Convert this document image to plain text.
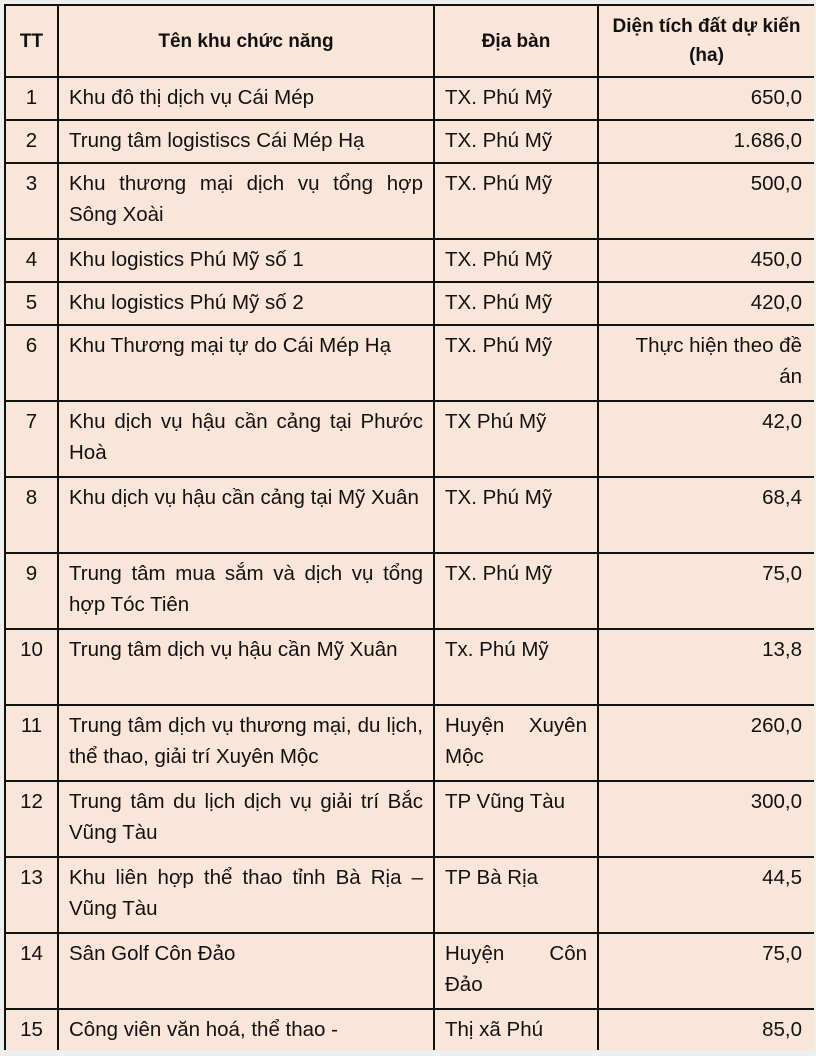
TT	Tên khu chức năng	Địa bàn	Diện tích đất dự kiến (ha)
1	Khu đô thị dịch vụ Cái Mép	TX. Phú Mỹ	650,0
2	Trung tâm logistiscs Cái Mép Hạ	TX. Phú Mỹ	1.686,0
3	Khu thương mại dịch vụ tổng hợp Sông Xoài	TX. Phú Mỹ	500,0
4	Khu logistics Phú Mỹ số 1	TX. Phú Mỹ	450,0
5	Khu logistics Phú Mỹ số 2	TX. Phú Mỹ	420,0
6	Khu Thương mại tự do Cái Mép Hạ	TX. Phú Mỹ	Thực hiện theo đề án
7	Khu dịch vụ hậu cần cảng tại Phước Hoà	TX Phú Mỹ	42,0
8	Khu dịch vụ hậu cần cảng tại Mỹ Xuân	TX. Phú Mỹ	68,4
9	Trung tâm mua sắm và dịch vụ tổng hợp Tóc Tiên	TX. Phú Mỹ	75,0
10	Trung tâm dịch vụ hậu cần Mỹ Xuân	Tx. Phú Mỹ	13,8
11	Trung tâm dịch vụ thương mại, du lịch, thể thao, giải trí Xuyên Mộc	Huyện Xuyên Mộc	260,0
12	Trung tâm du lịch dịch vụ giải trí Bắc Vũng Tàu	TP Vũng Tàu	300,0
13	Khu liên hợp thể thao tỉnh Bà Rịa – Vũng Tàu	TP Bà Rịa	44,5
14	Sân Golf Côn Đảo	Huyện Côn Đảo	75,0
15	Công viên văn hoá, thể thao -	Thị xã Phú	85,0
